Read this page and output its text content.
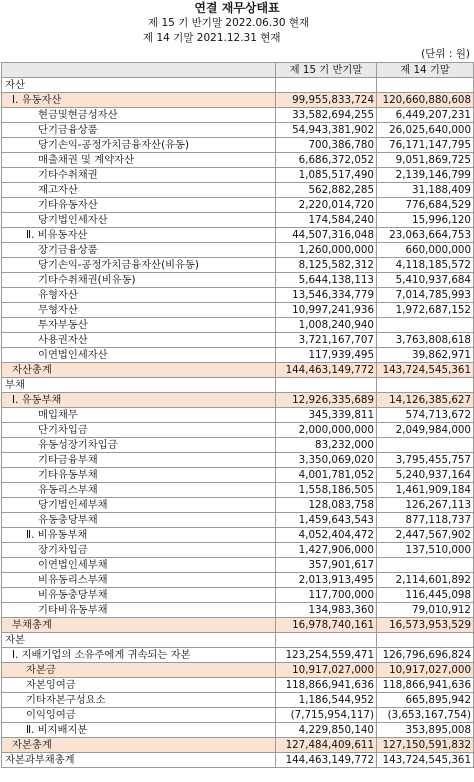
연결 재무상태표
제 15 기 반기말 2022.06.30 현재
제 14 기말 2021.12.31 현재
(단위 : 원)
	제 15 기 반기말	제 14 기말
자산		
Ⅰ. 유동자산	99,955,833,724	120,660,880,608
현금및현금성자산	33,582,694,255	6,449,207,231
단기금융상품	54,943,381,902	26,025,640,000
당기손익-공정가치금융자산(유동)	700,386,780	76,171,147,795
매출채권 및 계약자산	6,686,372,052	9,051,869,725
기타수취채권	1,085,517,490	2,139,146,799
재고자산	562,882,285	31,188,409
기타유동자산	2,220,014,720	776,684,529
당기법인세자산	174,584,240	15,996,120
Ⅱ. 비유동자산	44,507,316,048	23,063,664,753
장기금융상품	1,260,000,000	660,000,000
당기손익-공정가치금융자산(비유동)	8,125,582,312	4,118,185,572
기타수취채권(비유동)	5,644,138,113	5,410,937,684
유형자산	13,546,334,779	7,014,785,993
무형자산	10,997,241,936	1,972,687,152
투자부동산	1,008,240,940	
사용권자산	3,721,167,707	3,763,808,618
이연법인세자산	117,939,495	39,862,971
자산총계	144,463,149,772	143,724,545,361
부채		
Ⅰ. 유동부채	12,926,335,689	14,126,385,627
매입채무	345,339,811	574,713,672
단기차입금	2,000,000,000	2,049,984,000
유동성장기차입금	83,232,000	
기타금융부채	3,350,069,020	3,795,455,757
기타유동부채	4,001,781,052	5,240,937,164
유동리스부채	1,558,186,505	1,461,909,184
당기법인세부채	128,083,758	126,267,113
유동충당부채	1,459,643,543	877,118,737
Ⅱ. 비유동부채	4,052,404,472	2,447,567,902
장기차입금	1,427,906,000	137,510,000
이연법인세부채	357,901,617	
비유동리스부채	2,013,913,495	2,114,601,892
비유동충당부채	117,700,000	116,445,098
기타비유동부채	134,983,360	79,010,912
부채총계	16,978,740,161	16,573,953,529
자본		
Ⅰ. 지배기업의 소유주에게 귀속되는 자본	123,254,559,471	126,796,696,824
자본금	10,917,027,000	10,917,027,000
자본잉여금	118,866,941,636	118,866,941,636
기타자본구성요소	1,186,544,952	665,895,942
이익잉여금	(7,715,954,117)	(3,653,167,754)
Ⅱ. 비지배지분	4,229,850,140	353,895,008
자본총계	127,484,409,611	127,150,591,832
자본과부채총계	144,463,149,772	143,724,545,361
